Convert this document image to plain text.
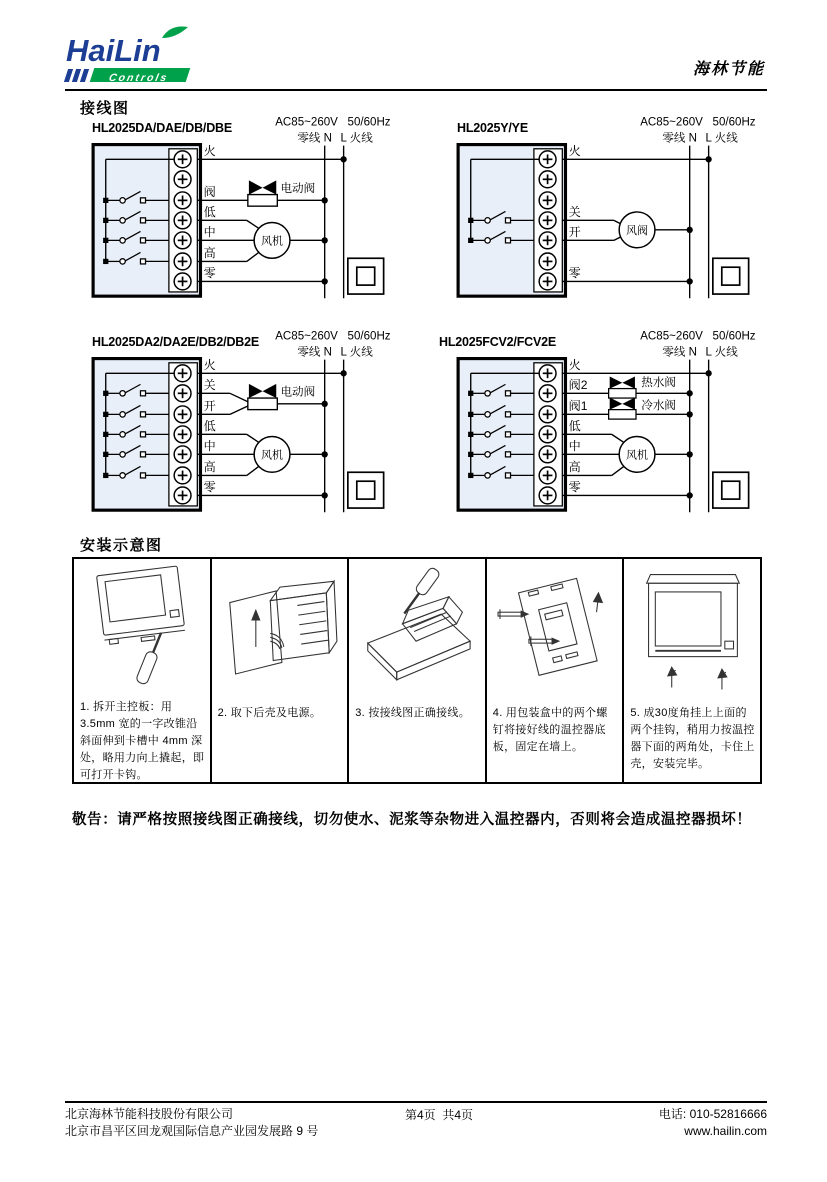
HaiLin
Controls	海林节能
接线图
HL2025DA/DAE/DB/DBE	AC85~260V   50/60Hz
零线 N L 火线
电动阀
风机
火
阀
低
中
高
零
HL2025Y/YE	AC85~260V   50/60Hz
零线 N L 火线
风阀
火
关
开
零
HL2025DA2/DA2E/DB2/DB2E AC85~260V   50/60Hz
零线 N L 火线
电动阀
风机
火
关
开
低
中
高
零
HL2025FCV2/FCV2E	AC85~260V   50/60Hz
零线 N L 火线
热水阀
冷水阀
风机
火
阀2
阀1
低
中
高
零
安装示意图
1. 拆开主控板：用 3.5mm 宽的一字改锥沿斜面伸到卡槽中 4mm 深处，略用力向上撬起，即可打开卡钩。
2. 取下后壳及电源。	3. 按接线图正确接线。	4. 用包装盒中的两个螺钉将接好线的温控器底板，固定在墙上。
5. 成30度角挂上上面的两个挂钩，稍用力按温控器下面的两角处，卡住上壳，安装完毕。
敬告：请严格按照接线图正确接线，切勿使水、泥浆等杂物进入温控器内，否则将会造成温控器损坏！
北京海林节能科技股份有限公司
北京市昌平区回龙观国际信息产业园发展路 9 号
第4页  共4页	电话: 010-52816666
www.hailin.com
